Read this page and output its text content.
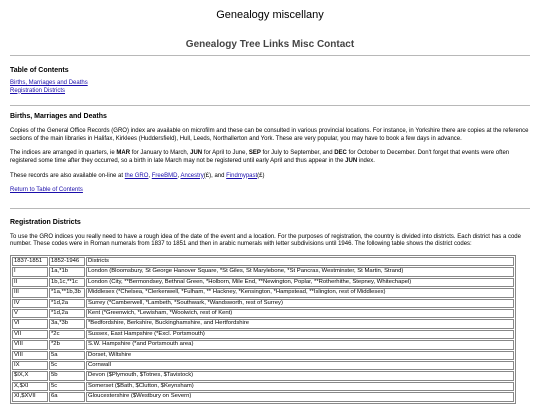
Genealogy miscellany
Genealogy Tree Links Misc Contact
Table of Contents
Births, Marriages and Deaths
Registration Districts
Births, Marriages and Deaths

Copies of the General Office Records (GRO) index are available on microfilm and these can be consulted in various provincial locations. For instance, in Yorkshire there are copies at the reference sections of the main libraries in Halifax, Kirklees (Huddersfield), Hull, Leeds, Northallerton and York. These are very popular, you may have to book a few days in advance.

The indices are arranged in quarters, ie MAR for January to March, JUN for April to June, SEP for July to September, and DEC for October to December. Don't forget that events were often registered some time after they occurred, so a birth in late March may not be registered until early April and thus appear in the JUN index.

These records are also available on-line at the GRO, FreeBMD, Ancestry(£), and Findmypast(£)

Return to Table of Contents

Registration Districts

To use the GRO indices you really need to have a rough idea of the date of the event and a location. For the purposes of registration, the country is divided into districts. Each district has a code number. These codes were in Roman numerals from 1837 to 1851 and then in arabic numerals with letter subdivisions until 1946. The following table shows the district codes:

1837-1851	1852-1946	Districts
I	1a,*1b	London (Bloomsbury, St George Hanover Square, *St Giles, St Marylebone, *St Pancras, Westminster, St Martin, Strand)
II	1b,1c,**1c	London (City, **Bermondsey, Bethnal Green, *Holborn, Mile End, **Newington, Poplar, **Rotherhithe, Stepney, Whitechapel)
III	*1a,**1b,3b	Middlesex (*Chelsea, *Clerkenwell, *Fulham, ** Hackney, *Kensington, *Hampstead, **Islington, rest of Middlesex)
IV	*1d,2a	Surrey (*Camberwell, *Lambeth, *Southwark, *Wandsworth, rest of Surrey)
V	*1d,2a	Kent (*Greenwich, *Lewisham, *Woolwich, rest of Kent)
VI	3a,*3b	*Bedfordshire, Berkshire, Buckinghamshire, and Hertfordshire
VII	*2c	Sussex, East Hampshire (*Excl. Portsmouth)
VIII	*2b	S.W. Hampshire (*and Portsmouth area)
VIII	5a	Dorset, Wiltshire
IX	5c	Cornwall
$IX,X	5b	Devon ($Plymouth, $Totnes, $Tavistock)
X,$XI	5c	Somerset ($Bath, $Clutton, $Keynsham)
XI,$XVII	6a	Gloucestershire ($Westbury on Severn)
